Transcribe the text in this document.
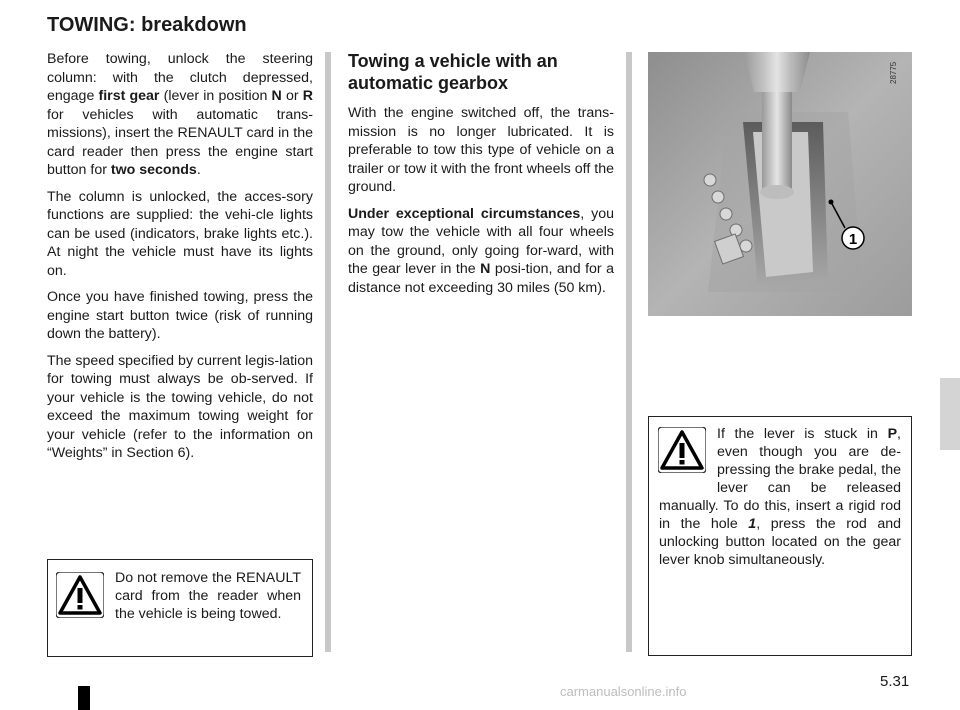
TOWING: breakdown

Before towing, unlock the steering column: with the clutch depressed, engage first gear (lever in position N or R for vehicles with automatic trans-missions), insert the RENAULT card in the card reader then press the engine start button for two seconds.

The column is unlocked, the acces-sory functions are supplied: the vehi-cle lights can be used (indicators, brake lights etc.). At night the vehicle must have its lights on.

Once you have finished towing, press the engine start button twice (risk of running down the battery).

The speed specified by current legis-lation for towing must always be ob-served. If your vehicle is the towing vehicle, do not exceed the maximum towing weight for your vehicle (refer to the information on “Weights” in Section 6).

Towing a vehicle with an automatic gearbox

With the engine switched off, the trans-mission is no longer lubricated. It is preferable to tow this type of vehicle on a trailer or tow it with the front wheels off the ground.

Under exceptional circumstances, you may tow the vehicle with all four wheels on the ground, only going for-ward, with the gear lever in the N posi-tion, and for a distance not exceeding 30 miles (50 km).

1
28775
Do not remove the RENAULT card from the reader when the vehicle is being towed.
If the lever is stuck in P, even though you are de-pressing the brake pedal, the lever can be released manually. To do this, insert a rigid rod in the hole 1, press the rod and unlocking button located on the gear lever knob simultaneously.
5.31
carmanualsonline.info
